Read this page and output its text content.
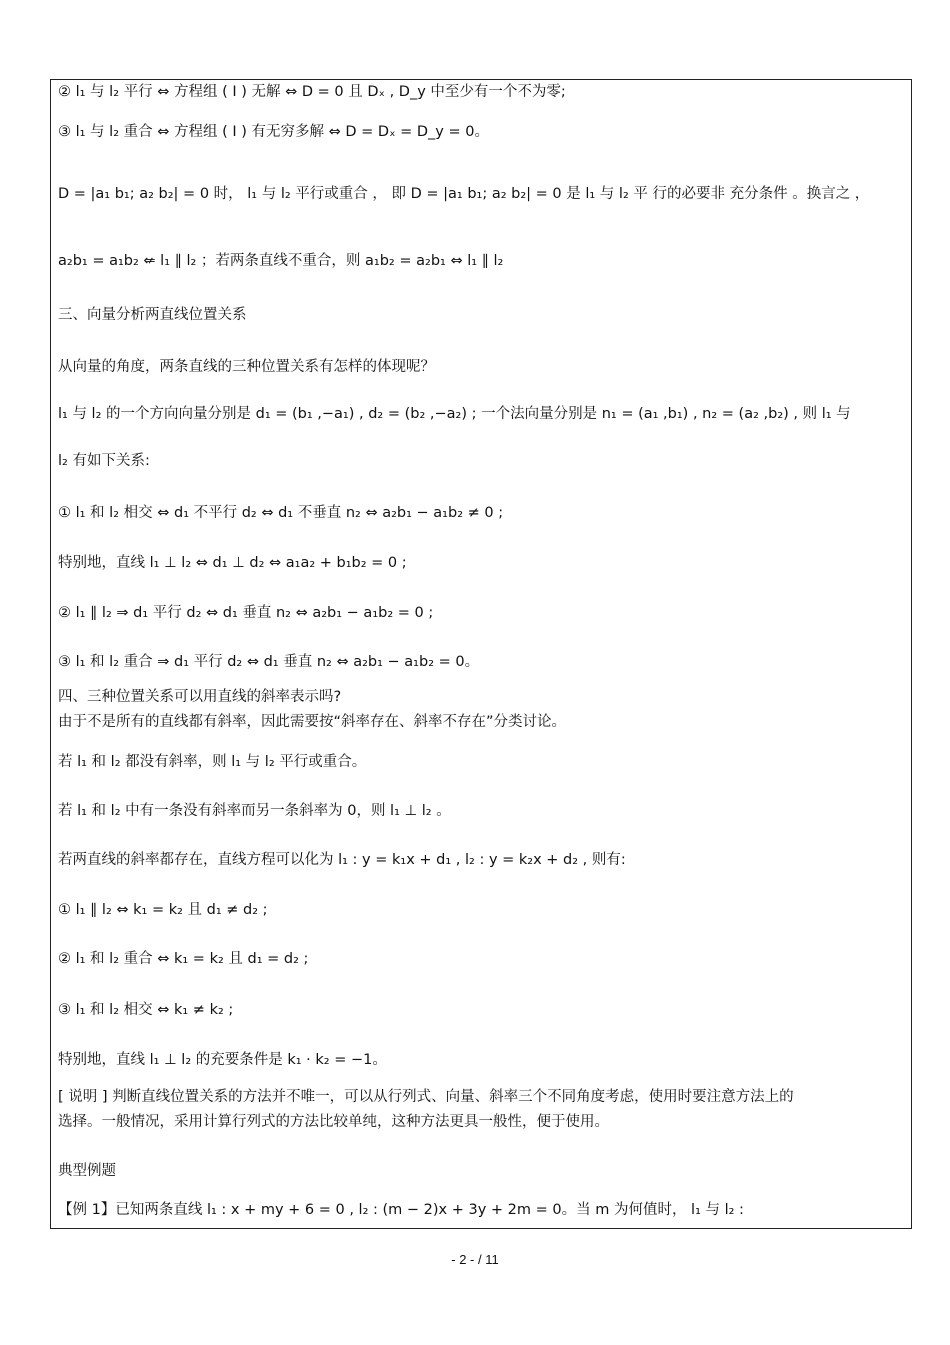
② l₁ 与 l₂ 平行 ⇔ 方程组 ( Ⅰ ) 无解 ⇔ D = 0 且 Dₓ , D_y 中至少有一个不为零;
③ l₁ 与 l₂ 重合 ⇔ 方程组 ( Ⅰ ) 有无穷多解 ⇔ D = Dₓ = D_y = 0。
D = |a₁ b₁; a₂ b₂| = 0 时， l₁ 与 l₂ 平行或重合 ， 即 D = |a₁ b₁; a₂ b₂| = 0 是 l₁ 与 l₂ 平 行的必要非 充分条件 。换言之 ，
a₂b₁ = a₁b₂ ⇍ l₁ ∥ l₂ ；若两条直线不重合，则 a₁b₂ = a₂b₁ ⇔ l₁ ∥ l₂
三、向量分析两直线位置关系
从向量的角度，两条直线的三种位置关系有怎样的体现呢？
l₁ 与 l₂ 的一个方向向量分别是 d₁ = (b₁ ,−a₁) , d₂ = (b₂ ,−a₂) ; 一个法向量分别是 n₁ = (a₁ ,b₁) , n₂ = (a₂ ,b₂) , 则 l₁ 与
l₂ 有如下关系:
① l₁ 和 l₂ 相交 ⇔ d₁ 不平行 d₂ ⇔ d₁ 不垂直 n₂ ⇔ a₂b₁ − a₁b₂ ≠ 0 ;
特别地，直线 l₁ ⊥ l₂ ⇔ d₁ ⊥ d₂ ⇔ a₁a₂ + b₁b₂ = 0 ;
② l₁ ∥ l₂ ⇒ d₁ 平行 d₂ ⇔ d₁ 垂直 n₂ ⇔ a₂b₁ − a₁b₂ = 0 ;
③ l₁ 和 l₂ 重合 ⇒ d₁ 平行 d₂ ⇔ d₁ 垂直 n₂ ⇔ a₂b₁ − a₁b₂ = 0。
四、三种位置关系可以用直线的斜率表示吗?
由于不是所有的直线都有斜率，因此需要按“斜率存在、斜率不存在”分类讨论。
若 l₁ 和 l₂ 都没有斜率，则 l₁ 与 l₂ 平行或重合。
若 l₁ 和 l₂ 中有一条没有斜率而另一条斜率为 0，则 l₁ ⊥ l₂ 。
若两直线的斜率都存在，直线方程可以化为 l₁ : y = k₁x + d₁ , l₂ : y = k₂x + d₂ , 则有:
① l₁ ∥ l₂ ⇔ k₁ = k₂ 且 d₁ ≠ d₂ ;
② l₁ 和 l₂ 重合 ⇔ k₁ = k₂ 且 d₁ = d₂ ;
③ l₁ 和 l₂ 相交 ⇔ k₁ ≠ k₂ ;
特别地，直线 l₁ ⊥ l₂ 的充要条件是 k₁ · k₂ = −1。
[ 说明 ] 判断直线位置关系的方法并不唯一，可以从行列式、向量、斜率三个不同角度考虑，使用时要注意方法上的
选择。一般情况，采用计算行列式的方法比较单纯，这种方法更具一般性，便于使用。
典型例题
【例 1】已知两条直线 l₁ : x + my + 6 = 0 , l₂ : (m − 2)x + 3y + 2m = 0。当 m 为何值时， l₁ 与 l₂ :
- 2 - / 11
